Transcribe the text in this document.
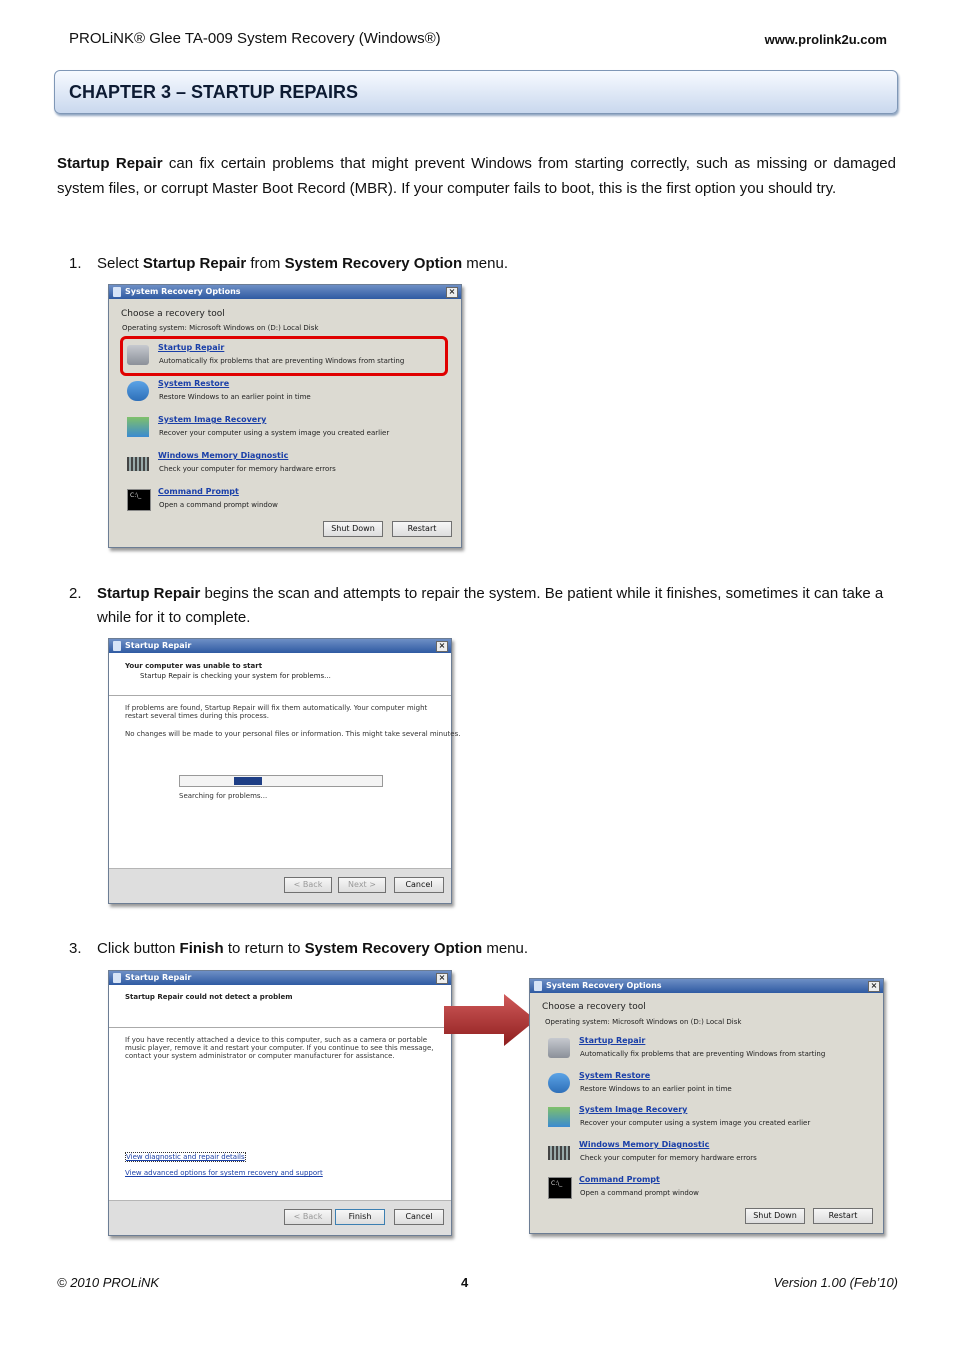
PROLiNK® Glee TA-009 System Recovery (Windows®)	www.prolink2u.com
CHAPTER 3 – STARTUP REPAIRS
Startup Repair can fix certain problems that might prevent Windows from starting correctly, such as missing or damaged system files, or corrupt Master Boot Record (MBR). If your computer fails to boot, this is the first option you should try.
1. Select Startup Repair from System Recovery Option menu.
System Recovery Options	×
Choose a recovery tool
Operating system: Microsoft Windows on (D:) Local Disk
Startup Repair
Automatically fix problems that are preventing Windows from starting
System Restore
Restore Windows to an earlier point in time
System Image Recovery
Recover your computer using a system image you created earlier
Windows Memory Diagnostic
Check your computer for memory hardware errors
C:\_
Command Prompt
Open a command prompt window
Shut Down	Restart
2. Startup Repair begins the scan and attempts to repair the system. Be patient while it finishes, sometimes it can take a while for it to complete.
Startup Repair	×
Your computer was unable to start
Startup Repair is checking your system for problems...
If problems are found, Startup Repair will fix them automatically. Your computer might restart several times during this process.
No changes will be made to your personal files or information. This might take several minutes.
Searching for problems...
< Back	Next >	Cancel
3. Click button Finish to return to System Recovery Option menu.
Startup Repair	×
Startup Repair could not detect a problem
If you have recently attached a device to this computer, such as a camera or portable music player, remove it and restart your computer. If you continue to see this message, contact your system administrator or computer manufacturer for assistance.
View diagnostic and repair details
View advanced options for system recovery and support
< Back	Finish	Cancel
System Recovery Options	×
Choose a recovery tool
Operating system: Microsoft Windows on (D:) Local Disk
Startup Repair
Automatically fix problems that are preventing Windows from starting
System Restore
Restore Windows to an earlier point in time
System Image Recovery
Recover your computer using a system image you created earlier
Windows Memory Diagnostic
Check your computer for memory hardware errors
C:\_
Command Prompt
Open a command prompt window
Shut Down	Restart
© 2010 PROLiNK	4	Version 1.00 (Feb’10)
